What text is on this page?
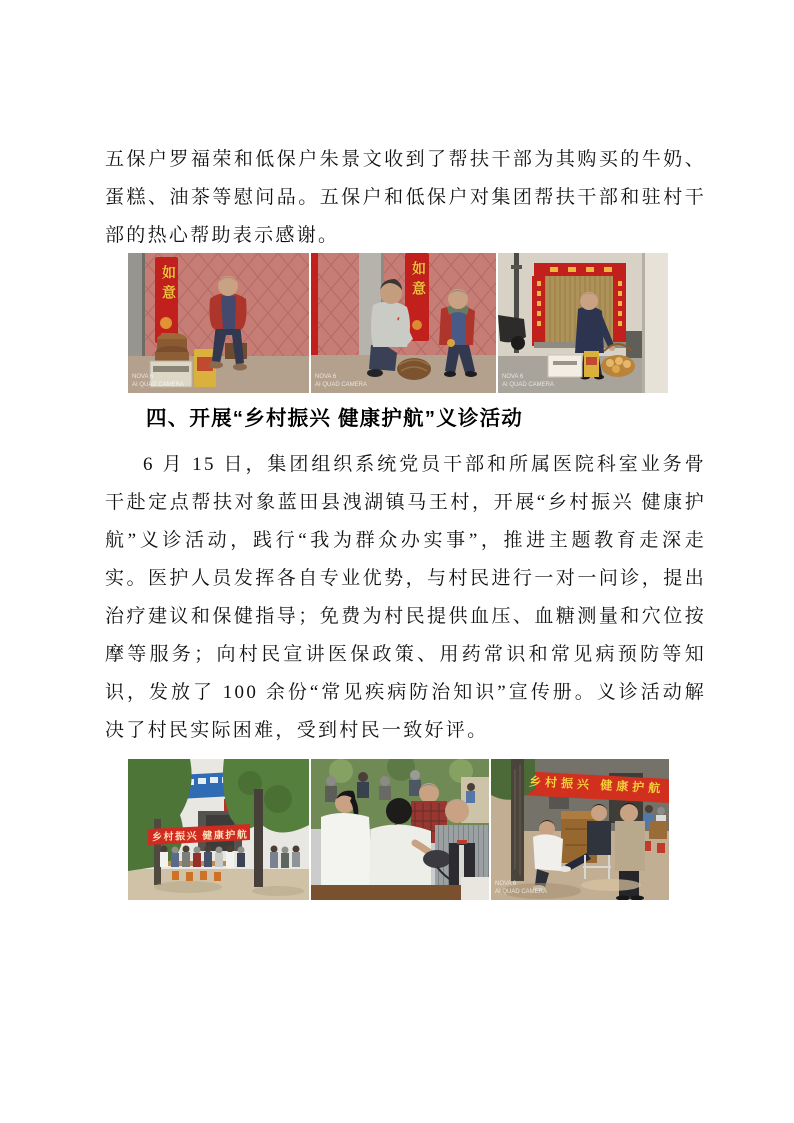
五保户罗福荣和低保户朱景文收到了帮扶干部为其购买的牛奶、蛋糕、油茶等慰问品。五保户和低保户对集团帮扶干部和驻村干部的热心帮助表示感谢。

如意
NOVA 6
AI QUAD CAMERA
如意
NOVA 6
AI QUAD CAMERA
NOVA 6
AI QUAD CAMERA
四、开展“乡村振兴 健康护航”义诊活动

6 月 15 日，集团组织系统党员干部和所属医院科室业务骨干赴定点帮扶对象蓝田县洩湖镇马王村，开展“乡村振兴 健康护航”义诊活动，践行“我为群众办实事”，推进主题教育走深走实。医护人员发挥各自专业优势，与村民进行一对一问诊，提出治疗建议和保健指导；免费为村民提供血压、血糖测量和穴位按摩等服务；向村民宣讲医保政策、用药常识和常见病预防等知识，发放了 100 余份“常见疾病防治知识”宣传册。义诊活动解决了村民实际困难，受到村民一致好评。

乡村振兴 健康护航
乡村振兴 健康护航
NOVA 6
AI QUAD CAMERA
